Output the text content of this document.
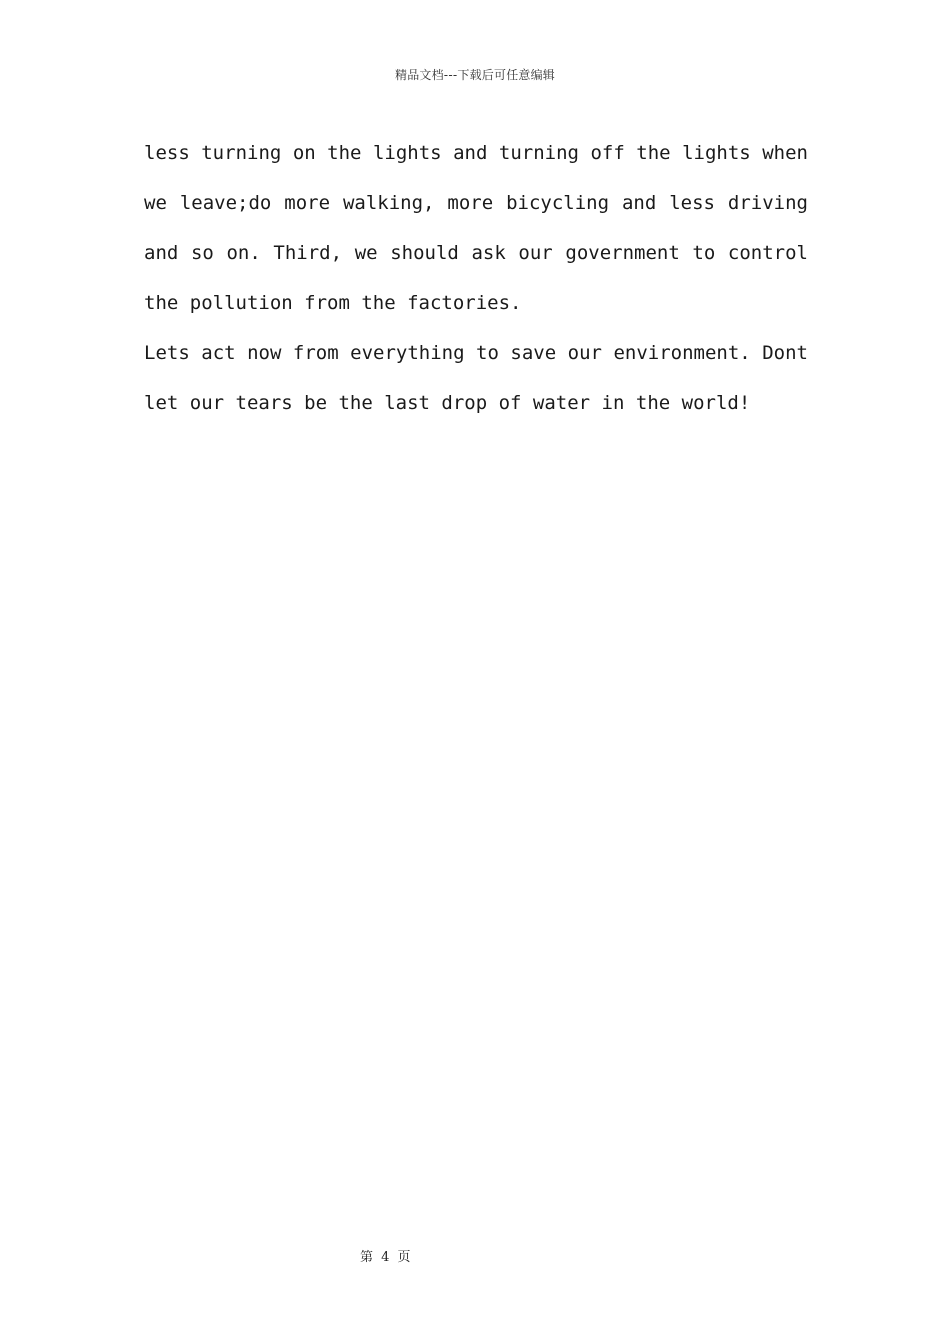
精品文档---下载后可任意编辑

less turning on the lights and turning off the lights when we leave;do more walking, more bicycling and less driving and so on. Third, we should ask our government to control the pollution from the factories.

Lets act now from everything to save our environment. Dont let our tears be the last drop of water in the world!

第 4 页
